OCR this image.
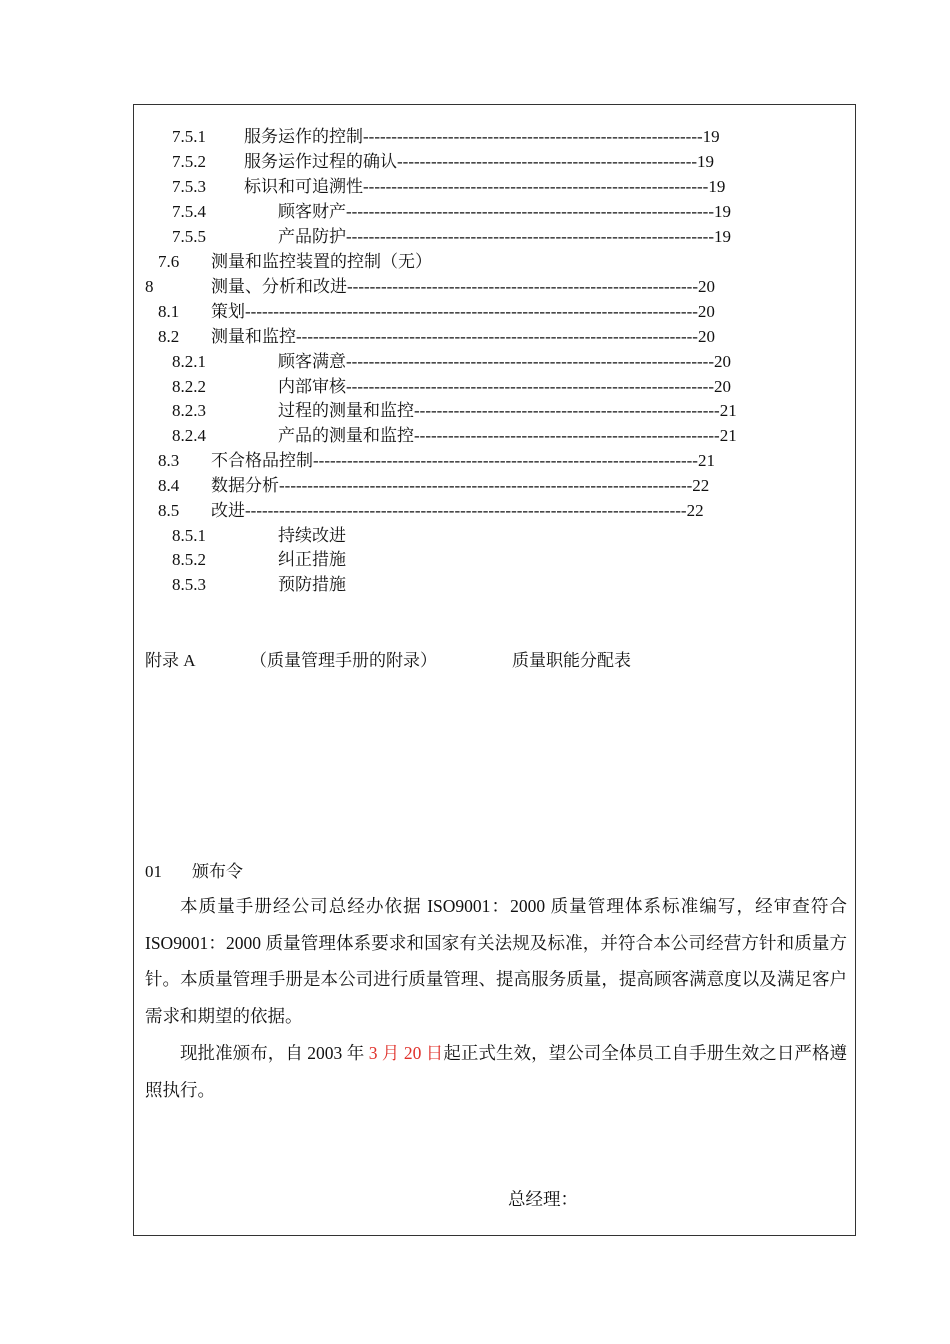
7.5.1 服务运作的控制------------------------------------------------------------19
7.5.2 服务运作过程的确认-----------------------------------------------------19
7.5.3 标识和可追溯性-------------------------------------------------------------19
7.5.4	顾客财产-----------------------------------------------------------------19
7.5.5	产品防护-----------------------------------------------------------------19
7.6 测量和监控装置的控制（无）
8	测量、分析和改进--------------------------------------------------------------20
8.1 策划--------------------------------------------------------------------------------20
8.2 测量和监控-----------------------------------------------------------------------20
8.2.1	顾客满意-----------------------------------------------------------------20
8.2.2	内部审核-----------------------------------------------------------------20
8.2.3	过程的测量和监控------------------------------------------------------21
8.2.4	产品的测量和监控------------------------------------------------------21
8.3 不合格品控制--------------------------------------------------------------------21
8.4 数据分析-------------------------------------------------------------------------22
8.5 改进------------------------------------------------------------------------------22
8.5.1	持续改进
8.5.2	纠正措施
8.5.3	预防措施
附录 A	（质量管理手册的附录）	质量职能分配表
01 颁布令
本质量手册经公司总经办依据 ISO9001：2000 质量管理体系标准编写，经审查符合 ISO9001：2000 质量管理体系要求和国家有关法规及标准，并符合本公司经营方针和质量方针。本质量管理手册是本公司进行质量管理、提高服务质量，提高顾客满意度以及满足客户需求和期望的依据。
现批准颁布，自 2003 年 3 月 20 日起正式生效，望公司全体员工自手册生效之日严格遵照执行。
总经理：
